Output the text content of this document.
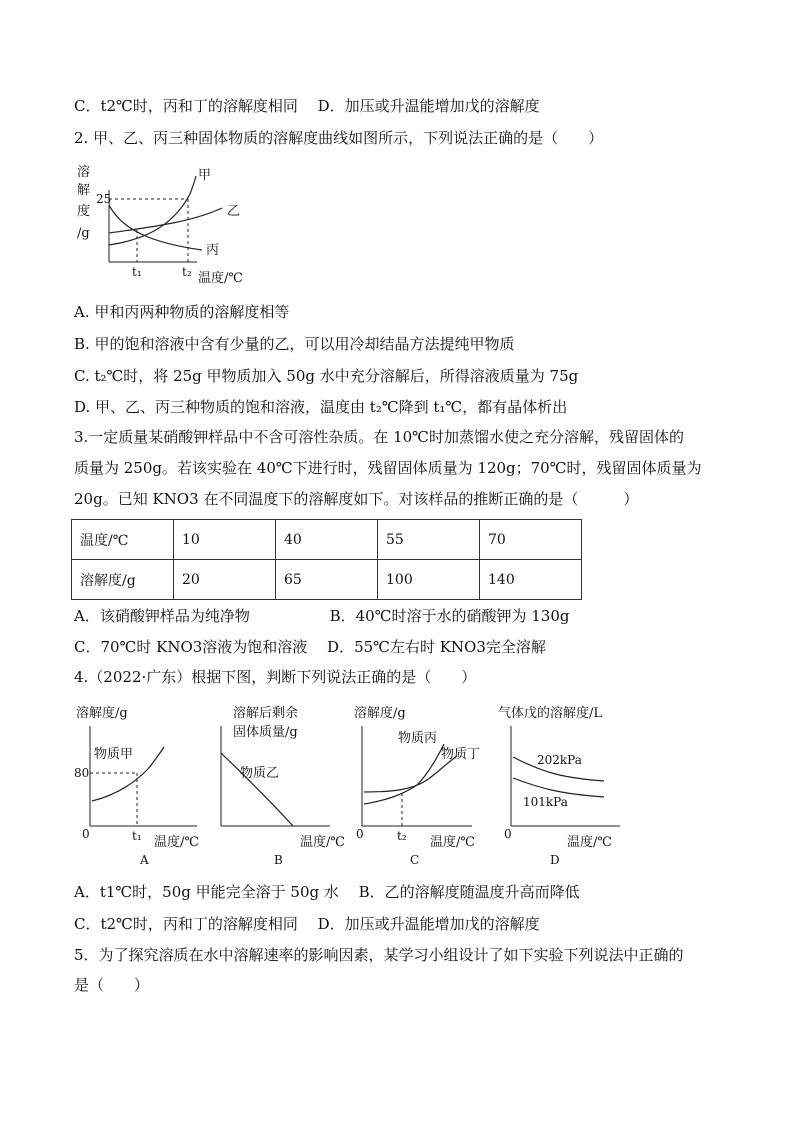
C．t2℃时，丙和丁的溶解度相同　 D．加压或升温能增加戊的溶解度
2. 甲、乙、丙三种固体物质的溶解度曲线如图所示，下列说法正确的是（　　）
溶
解
度
/g
25
甲
乙
丙
t₁	t₂ 温度/℃
A. 甲和丙两种物质的溶解度相等
B. 甲的饱和溶液中含有少量的乙，可以用冷却结晶方法提纯甲物质
C. t₂℃时，将 25g 甲物质加入 50g 水中充分溶解后，所得溶液质量为 75g
D. 甲、乙、丙三种物质的饱和溶液，温度由 t₂℃降到 t₁℃，都有晶体析出
3.一定质量某硝酸钾样品中不含可溶性杂质。在 10℃时加蒸馏水使之充分溶解，残留固体的
质量为 250g。若该实验在 40℃下进行时，残留固体质量为 120g；70℃时，残留固体质量为
20g。已知 KNO3 在不同温度下的溶解度如下。对该样品的推断正确的是（　　　）
温度/℃	10	40	55	70
溶解度/g	20	65	100	140
A．该硝酸钾样品为纯净物　　　　　 B．40℃时溶于水的硝酸钾为 130g
C．70℃时 KNO3溶液为饱和溶液　 D．55℃左右时 KNO3完全溶解
4.（2022·广东）根据下图，判断下列说法正确的是（　　）
溶解度/g
物质甲
80
0	t₁ 温度/℃
A
溶解后剩余
固体质量/g
物质乙
温度/℃
B
溶解度/g
物质丙
物质丁
0	t₂ 温度/℃
C
气体戊的溶解度/L
202kPa
101kPa
0
温度/℃
D
A．t1℃时，50g 甲能完全溶于 50g 水　 B．乙的溶解度随温度升高而降低
C．t2℃时，丙和丁的溶解度相同　 D．加压或升温能增加戊的溶解度
5．为了探究溶质在水中溶解速率的影响因素，某学习小组设计了如下实验下列说法中正确的
是（　　）
